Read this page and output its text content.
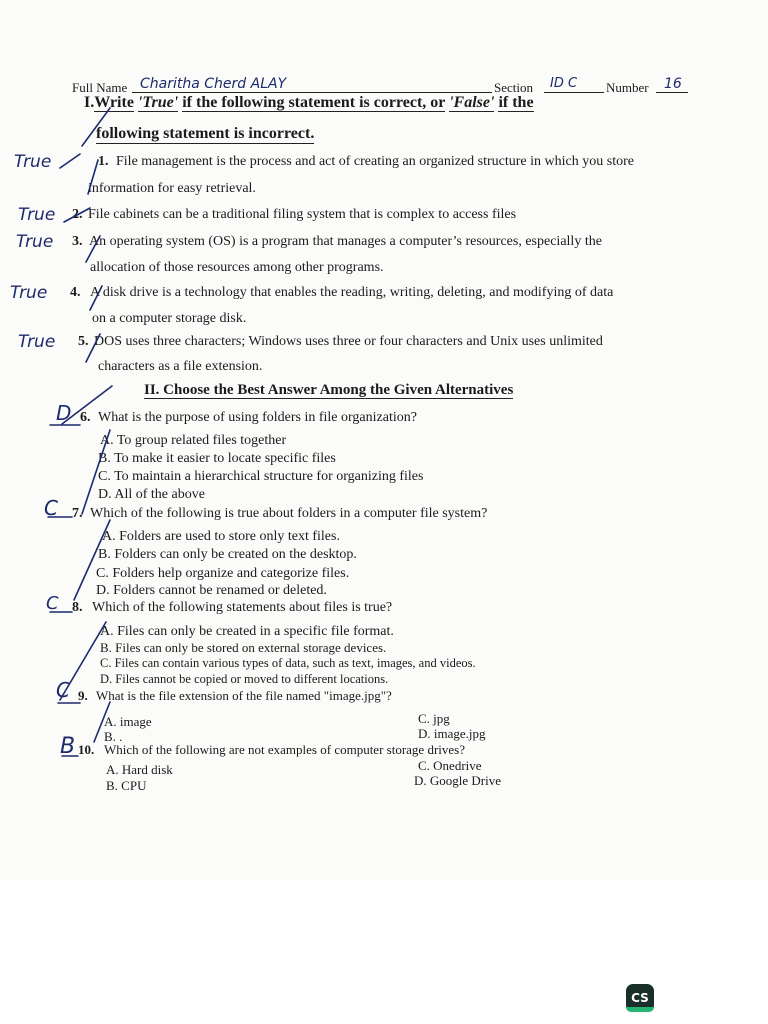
Full Name Charitha Cherd ALAY	Section ID C Number 16
I.Write 'True' if the following statement is correct, or 'False' if the
following statement is incorrect.
True	1. File management is the process and act of creating an organized structure in which you store
information for easy retrieval.
True 2. File cabinets can be a traditional filing system that is complex to access files
True 3. An operating system (OS) is a program that manages a computer’s resources, especially the
allocation of those resources among other programs.
True 4. A disk drive is a technology that enables the reading, writing, deleting, and modifying of data
on a computer storage disk.
True 5. DOS uses three characters; Windows uses three or four characters and Unix uses unlimited
characters as a file extension.
II. Choose the Best Answer Among the Given Alternatives
D 6. What is the purpose of using folders in file organization?
A. To group related files together
B. To make it easier to locate specific files
C. To maintain a hierarchical structure for organizing files
D. All of the above
C 7. Which of the following is true about folders in a computer file system?
A. Folders are used to store only text files.
B. Folders can only be created on the desktop.
C. Folders help organize and categorize files.
D. Folders cannot be renamed or deleted.
C 8. Which of the following statements about files is true?
A. Files can only be created in a specific file format.
B. Files can only be stored on external storage devices.
C. Files can contain various types of data, such as text, images, and videos.
D. Files cannot be copied or moved to different locations.
C 9. What is the file extension of the file named "image.jpg"?
A. image
B. .
C. jpg
D. image.jpg
B 10. Which of the following are not examples of computer storage drives?
A. Hard disk
B. CPU
C. Onedrive
D. Google Drive
CS
